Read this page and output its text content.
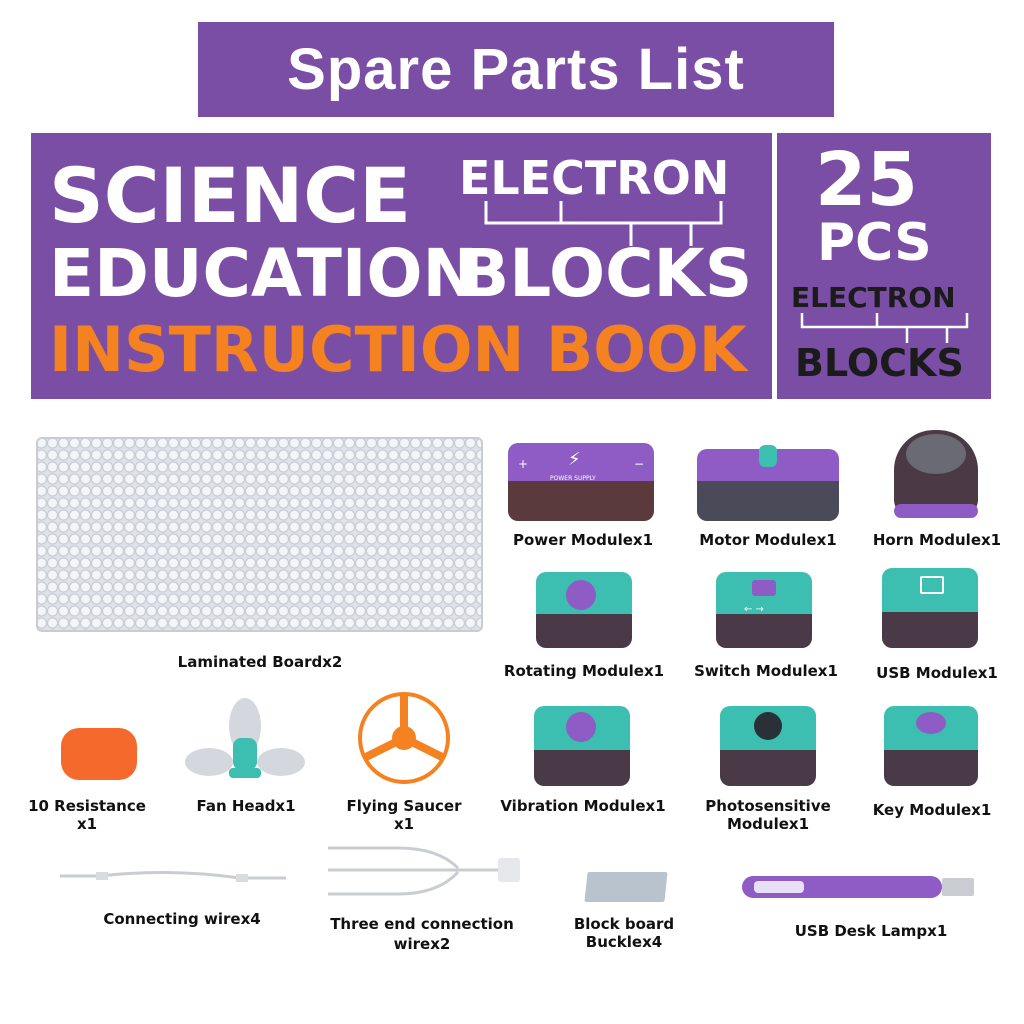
Spare Parts List
SCIENCE ELECTRON
EDUCATION
BLOCKS
INSTRUCTION BOOK
25
PCS
ELECTRON
BLOCKS
Laminated Boardx2
⚡
+	−
POWER SUPPLY
Power Modulex1	Motor Modulex1	Horn Modulex1
Rotating Modulex1
← →
Switch Modulex1	USB Modulex1
10 Resistance
x1
Fan Headx1	Flying Saucer
x1
Vibration Modulex1	Photosensitive
Modulex1
Key Modulex1
Connecting wirex4	Three end connection
wirex2
Block board
Bucklex4
USB Desk Lampx1
